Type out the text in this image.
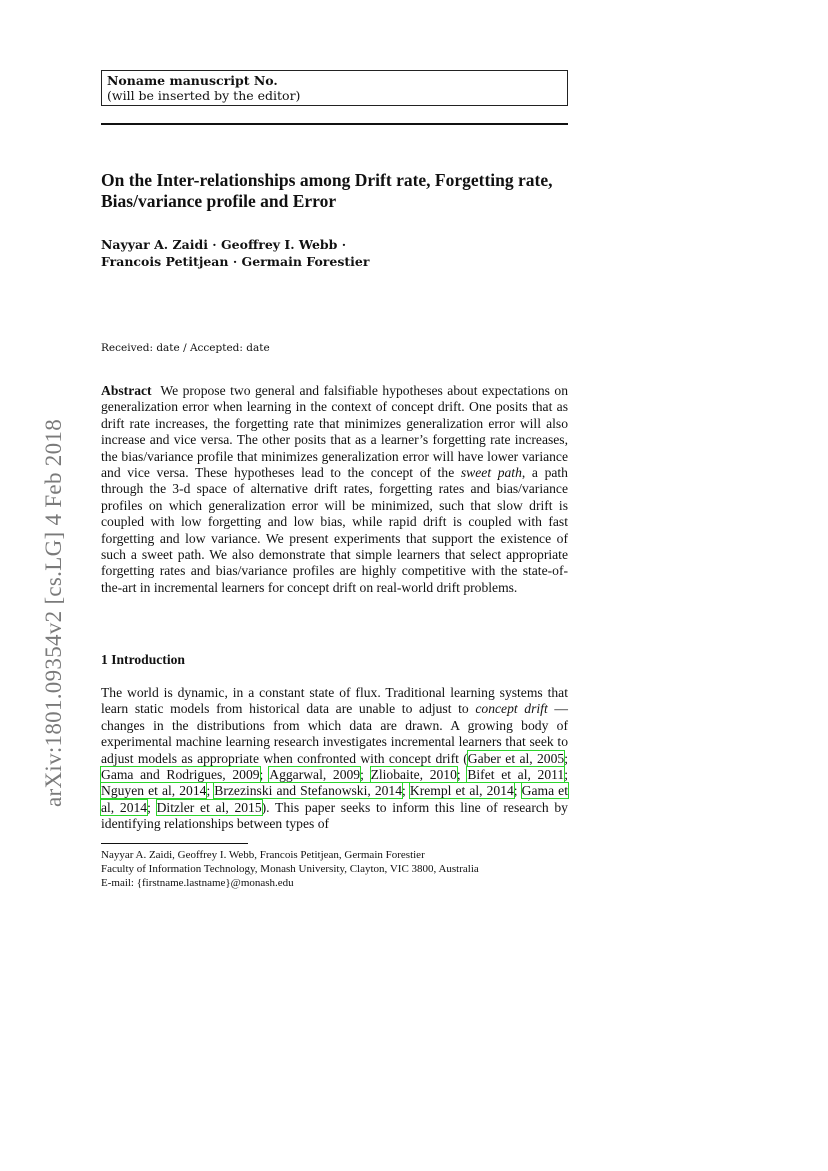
arXiv:1801.09354v2 [cs.LG] 4 Feb 2018
Noname manuscript No.
(will be inserted by the editor)
On the Inter-relationships among Drift rate, Forgetting rate, Bias/variance profile and Error
Nayyar A. Zaidi · Geoffrey I. Webb ·
Francois Petitjean · Germain Forestier
Received: date / Accepted: date
Abstract We propose two general and falsifiable hypotheses about expectations on generalization error when learning in the context of concept drift. One posits that as drift rate increases, the forgetting rate that minimizes generalization error will also increase and vice versa. The other posits that as a learner’s forgetting rate increases, the bias/variance profile that minimizes generalization error will have lower variance and vice versa. These hypotheses lead to the concept of the sweet path, a path through the 3-d space of alternative drift rates, forgetting rates and bias/variance profiles on which generalization error will be minimized, such that slow drift is coupled with low forgetting and low bias, while rapid drift is coupled with fast forgetting and low variance. We present experiments that support the existence of such a sweet path. We also demonstrate that simple learners that select appropriate forgetting rates and bias/variance profiles are highly competitive with the state-of-the-art in incremental learners for concept drift on real-world drift problems.
1 Introduction
The world is dynamic, in a constant state of flux. Traditional learning systems that learn static models from historical data are unable to adjust to concept drift — changes in the distributions from which data are drawn. A growing body of experimental machine learning research investigates incremental learners that seek to adjust models as appropriate when confronted with concept drift (Gaber et al, 2005; Gama and Rodrigues, 2009; Aggarwal, 2009; Zliobaite, 2010; Bifet et al, 2011; Nguyen et al, 2014; Brzezinski and Stefanowski, 2014; Krempl et al, 2014; Gama et al, 2014; Ditzler et al, 2015). This paper seeks to inform this line of research by identifying relationships between types of
Nayyar A. Zaidi, Geoffrey I. Webb, Francois Petitjean, Germain Forestier
Faculty of Information Technology, Monash University, Clayton, VIC 3800, Australia
E-mail: {firstname.lastname}@monash.edu
